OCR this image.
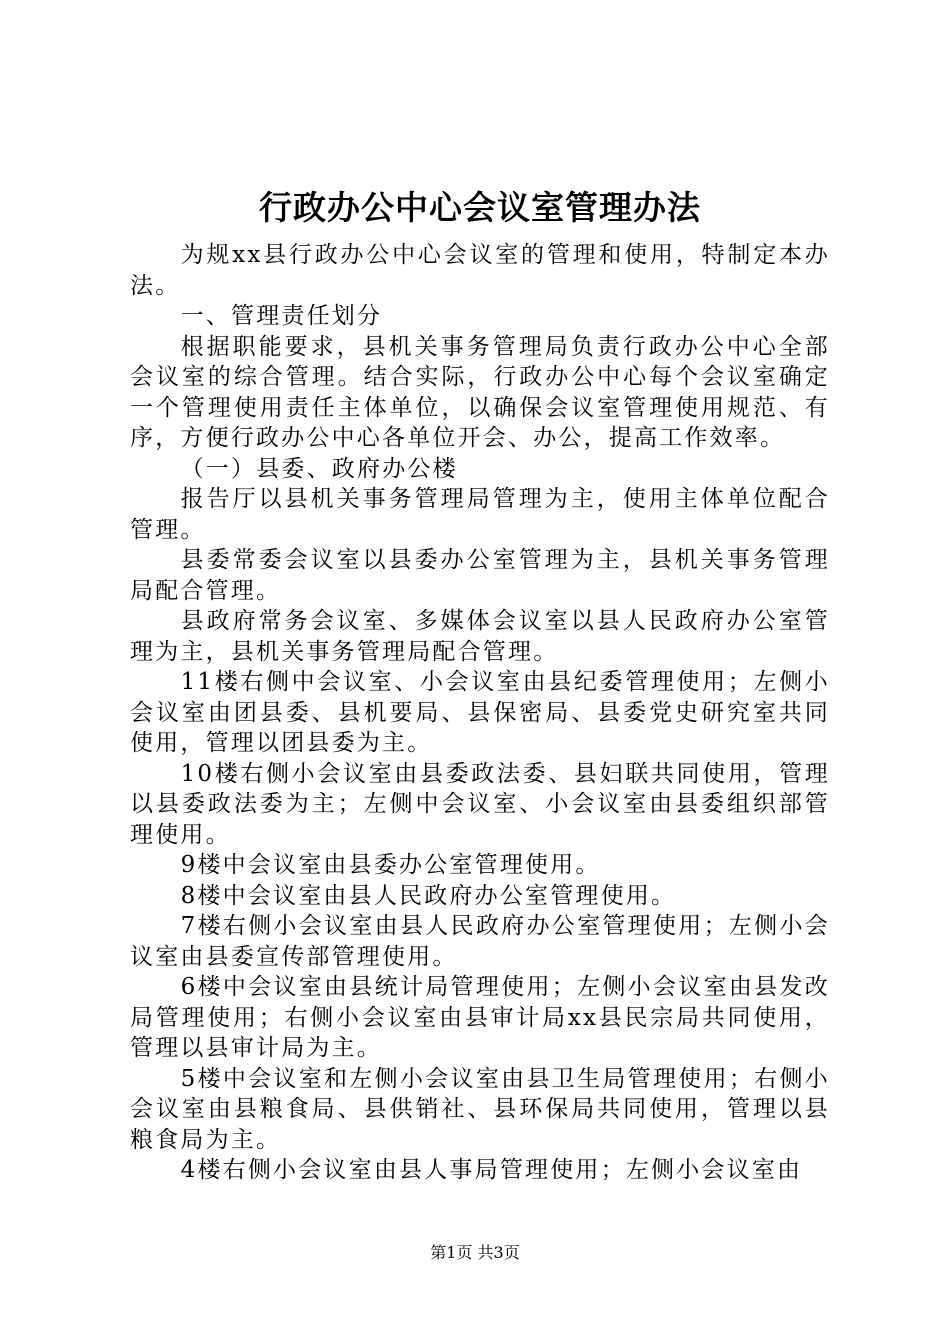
行政办公中心会议室管理办法

为规xx县行政办公中心会议室的管理和使用，特制定本办法。

一、管理责任划分

根据职能要求，县机关事务管理局负责行政办公中心全部会议室的综合管理。结合实际，行政办公中心每个会议室确定一个管理使用责任主体单位，以确保会议室管理使用规范、有序，方便行政办公中心各单位开会、办公，提高工作效率。

（一）县委、政府办公楼

报告厅以县机关事务管理局管理为主，使用主体单位配合管理。

县委常委会议室以县委办公室管理为主，县机关事务管理局配合管理。

县政府常务会议室、多媒体会议室以县人民政府办公室管理为主，县机关事务管理局配合管理。

11楼右侧中会议室、小会议室由县纪委管理使用；左侧小会议室由团县委、县机要局、县保密局、县委党史研究室共同使用，管理以团县委为主。

10楼右侧小会议室由县委政法委、县妇联共同使用，管理以县委政法委为主；左侧中会议室、小会议室由县委组织部管理使用。

9楼中会议室由县委办公室管理使用。

8楼中会议室由县人民政府办公室管理使用。

7楼右侧小会议室由县人民政府办公室管理使用；左侧小会议室由县委宣传部管理使用。

6楼中会议室由县统计局管理使用；左侧小会议室由县发改局管理使用；右侧小会议室由县审计局xx县民宗局共同使用，管理以县审计局为主。

5楼中会议室和左侧小会议室由县卫生局管理使用；右侧小会议室由县粮食局、县供销社、县环保局共同使用，管理以县粮食局为主。

4楼右侧小会议室由县人事局管理使用；左侧小会议室由

第1页 共3页
